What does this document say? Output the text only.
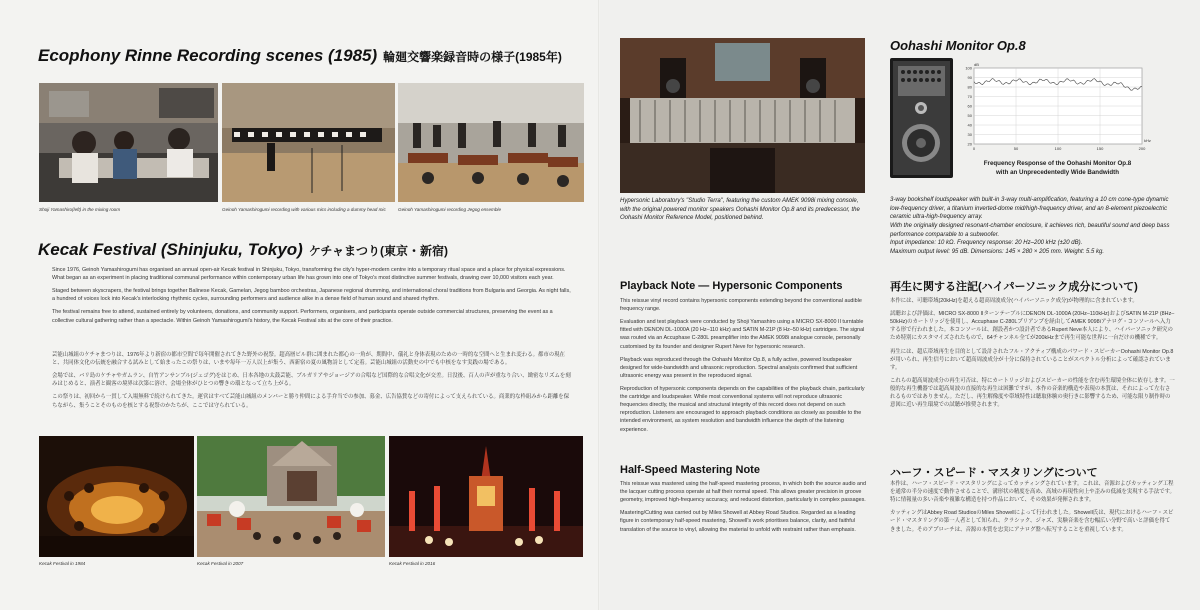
Ecophony Rinne Recording scenes (1985) 輪廻交響楽録音時の様子(1985年)
Shoji Yamashiro(left) in the mixing room	Geinoh Yamashirogumi recording with various mics including a dummy head mic	Geinoh Yamashirogumi recording Jegog ensemble
Kecak Festival (Shinjuku, Tokyo) ケチャまつり(東京・新宿)

Since 1976, Geinoh Yamashirogumi has organised an annual open-air Kecak festival in Shinjuku, Tokyo, transforming the city's hyper-modern centre into a temporary ritual space and a place for physical expressions. What began as an experiment in placing traditional communal performance within contemporary urban life has grown into one of Tokyo's most distinctive summer festivals, drawing over 10,000 visitors each year.

Staged between skyscrapers, the festival brings together Balinese Kecak, Gamelan, Jegog bamboo orchestras, Japanese regional drumming, and international choral traditions from Bulgaria and Georgia. As night falls, a hundred of voices lock into Kecak's interlocking rhythmic cycles, surrounding performers and audience alike in a dense field of human sound and shared rhythm.

The festival remains free to attend, sustained entirely by volunteers, donations, and community support. Performers, organisers, and participants operate outside commercial structures, preserving the event as a collective cultural gathering rather than a spectacle. Within Geinoh Yamashirogumi's history, the Kecak Festival sits at the core of their practice.

芸能山城組のケチャまつりは、1976年より新宿の都市空間で毎年開催されてきた野外の祝祭。超高層ビル群に囲まれた都心の一角が、期間中、儀礼と身体表現のための一時的な空間へと生まれ変わる。都市の現在と、共同体文化の伝統を融合する試みとして始まったこの祭りは、いまや毎年一万人以上が集う、西新宿の夏の風物詩として定着。芸能山城組の活動史の中でも中核をなす実践の場である。

会場では、バリ島のケチャやガムラン、自竹アンサンブル(ジェゴグ)をはじめ、日本各地の太鼓芸能、ブルガリアやジョージアの合唱など国際的な合唱文化が交差。日没後、百人の声が重なり合い、緻密なリズムを刻みはじめると、演者と観客の境界は次第に溶け、会場全体がひとつの響きの環となって立ち上がる。

この祭りは、初回から一貫して入場無料で続けられてきた。運営はすべて芸能山城組のメンバーと勝り仲間による手弁当での参加、募金、広告協賛などの寄付によって支えられている。商業的な枠組みから距離を保ちながら、集うことそのものを核とする祝祭のかたちが、ここでは守られている。

Kecak Festival in 1984	Kecak Festival in 2007	Kecak Festival in 2016
Hypersonic Laboratory's "Studio Terra", featuring the custom AMEK 9098i mixing console, with the original powered monitor speakers Oohashi Monitor Op.8 and its predecessor, the Oohashi Monitor Reference Model, positioned behind.
Oohashi Monitor Op.8
100
90
80
70
60
50
40
30
20
0	50	100	150	200
dB
kHz
Frequency Response of the Oohashi Monitor Op.8
with an Unprecedentedly Wide Bandwidth
3-way bookshelf loudspeaker with built-in 3-way multi-amplification, featuring a 10 cm cone-type dynamic low-frequency driver, a titanium inverted-dome mid/high-frequency driver, and an 8-element piezoelectric ceramic ultra-high-frequency array.
With the originally designed resonant-chamber enclosure, it achieves rich, beautiful sound and deep bass performance comparable to a subwoofer.
Input impedance: 10 kΩ. Frequency response: 20 Hz–200 kHz (±20 dB).
Maximum output level: 95 dB. Dimensions: 145 × 280 × 205 mm. Weight: 5.5 kg.
Playback Note — Hypersonic Components

This reissue vinyl record contains hypersonic components extending beyond the conventional audible frequency range.

Evaluation and test playback were conducted by Shoji Yamashiro using a MICRO SX-8000 II turntable fitted with DENON DL-1000A (20 Hz–110 kHz) and SATIN M-21P (8 Hz–50 kHz) cartridges. The signal was routed via an Accuphase C-280L preamplifier into the AMEK 9098i analogue console, personally customised by its founder and designer Rupert Neve for hypersonic research.

Playback was reproduced through the Oohashi Monitor Op.8, a fully active, powered loudspeaker designed for wide-bandwidth and ultrasonic reproduction. Spectral analysis confirmed that sufficient ultrasonic energy was present in the reproduced signal.

Reproduction of hypersonic components depends on the capabilities of the playback chain, particularly the cartridge and loudspeaker. While most conventional systems will not reproduce ultrasonic frequencies directly, the musical and structural integrity of this record does not depend on such reproduction. Listeners are encouraged to approach playback conditions as closely as possible to the intended environment, as system resolution and bandwidth influence the depth of the listening experience.

Half-Speed Mastering Note

This reissue was mastered using the half-speed mastering process, in which both the source audio and the lacquer cutting process operate at half their normal speed. This allows greater precision in groove geometry, improved high-frequency accuracy, and reduced distortion, particularly in complex passages.

Mastering/Cutting was carried out by Miles Showell at Abbey Road Studios. Regarded as a leading figure in contemporary half-speed mastering, Showell's work prioritises balance, clarity, and faithful translation of the source to vinyl, allowing the material to unfold with restraint rather than emphasis.

再生に関する注記(ハイパーソニック成分について)

本作には、可聴帯域(20kHz)を超える超高周波成分(ハイパーソニック成分)が物理的に含まれています。

試聴および評価は、MICRO SX-8000 IIターンテーブルにDENON DL-1000A (20Hz–110kHz)およびSATIN M-21P (8Hz–50kHz)のカートリッジを使用し、Accuphase C-280Lプリアンプを経由してAMEK 9098iアナログ・コンソールへ入力する形で行われました。本コンソールは、創設者かつ設計者であるRupert Neve本人により、ハイパーソニック研究のため特別にカスタマイズされたもので、64チャンネル全てが200kHzまで再生可能な世界に一台だけの機種です。

再生には、超広帯域再生を目的として設計されたフル・アクティブ構成のパワード・スピーカーOohashi Monitor Op.8が用いられ、再生信号において超高周波成分が十分に保持されていることがスペクトル分析によって確認されています。

これらの超高周波成分の再生可否は、特にカートリッジおよびスピーカーの性能を含む再生環境全体に依存します。一般的な再生機器では超高周波の直接的な再生は困難ですが、本作の音楽的構造や表現の本質は、それによって左右されるものではありません。ただし、再生解像度や帯域特性は聴取体験の奥行きに影響するため、可能な限り制作時の意図に近い再生環境での試聴が推奨されます。

ハーフ・スピード・マスタリングについて

本作は、ハーフ・スピード・マスタリングによってカッティングされています。これは、音源およびカッティング工程を通常の半分の速度で動作させることで、溝形状の精度を高め、高域の再現性向上や歪みの低減を実現する手法です。特に情報量の多い音楽や複雑な構造を持つ作品において、その効果が発揮されます。

カッティングはAbbey Road StudiosのMiles Showellによって行われました。Showell氏は、現代におけるハーフ・スピード・マスタリングの第一人者として知られ、クラシック、ジャズ、実験音楽を含む幅広い分野で高いと評価を得てきました。そのアプローチは、音源の本質を忠実にアナログ盤へ転写することを重視しています。
